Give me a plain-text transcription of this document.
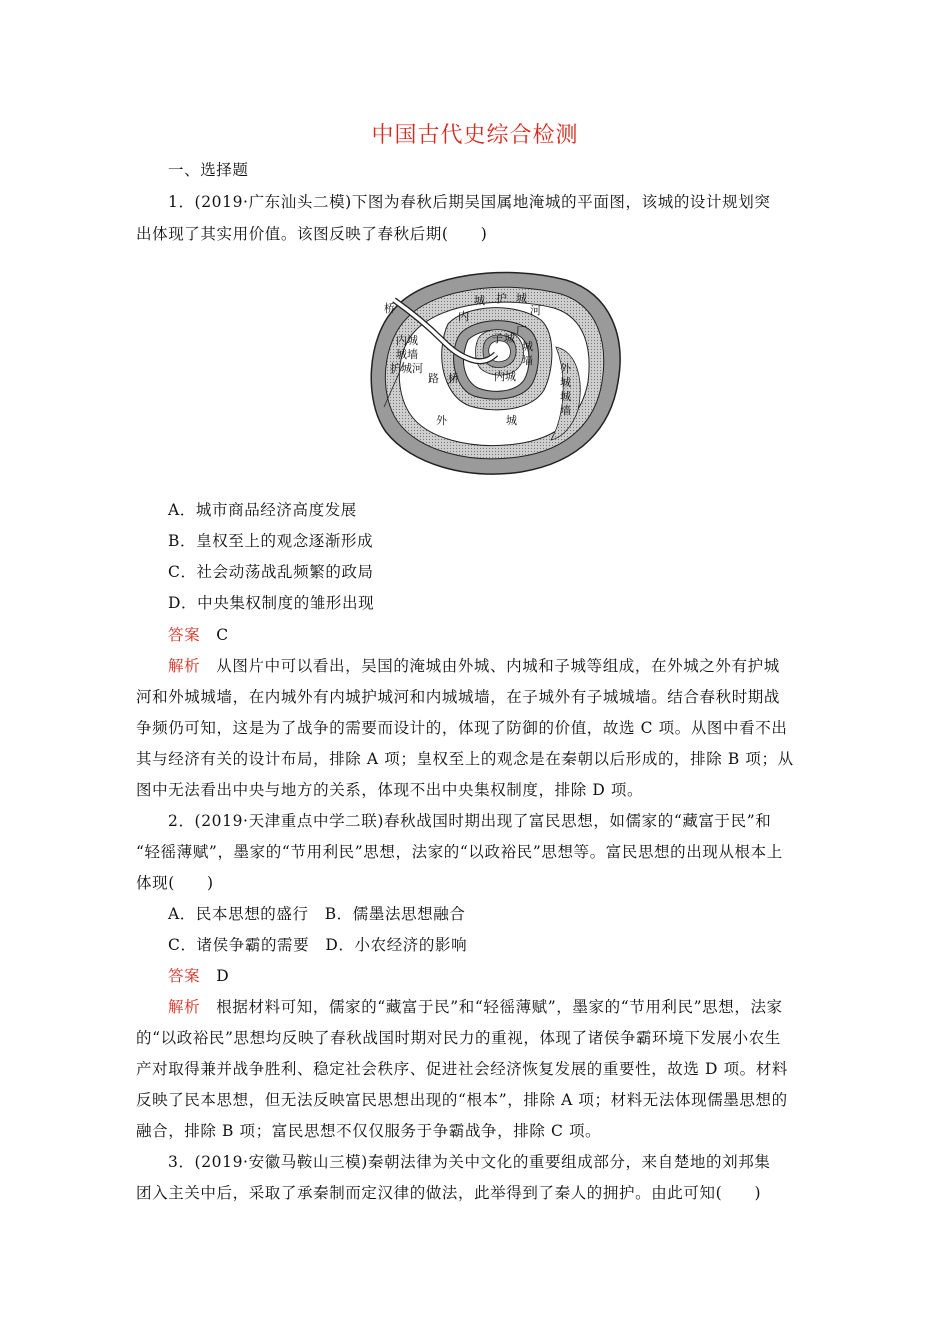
中国古代史综合检测
一、选择题
1．(2019·广东汕头二模)下图为春秋后期吴国属地淹城的平面图，该城的设计规划突
出体现了其实用价值。该图反映了春秋后期(　　)
桥
城 护 城
河
内
广
子 城
城
墙
内城
城墙
护城河
路 桥	内城
外
城
城
墙
外	城
A．城市商品经济高度发展
B．皇权至上的观念逐渐形成
C．社会动荡战乱频繁的政局
D．中央集权制度的雏形出现
答案　C
解析　从图片中可以看出，吴国的淹城由外城、内城和子城等组成，在外城之外有护城
河和外城城墙，在内城外有内城护城河和内城城墙，在子城外有子城城墙。结合春秋时期战
争频仍可知，这是为了战争的需要而设计的，体现了防御的价值，故选 C 项。从图中看不出
其与经济有关的设计布局，排除 A 项；皇权至上的观念是在秦朝以后形成的，排除 B 项；从
图中无法看出中央与地方的关系，体现不出中央集权制度，排除 D 项。
2．(2019·天津重点中学二联)春秋战国时期出现了富民思想，如儒家的“藏富于民”和
“轻徭薄赋”，墨家的“节用利民”思想，法家的“以政裕民”思想等。富民思想的出现从根本上
体现(　　)
A．民本思想的盛行　B．儒墨法思想融合
C．诸侯争霸的需要　D．小农经济的影响
答案　D
解析　根据材料可知，儒家的“藏富于民”和“轻徭薄赋”，墨家的“节用利民”思想，法家
的“以政裕民”思想均反映了春秋战国时期对民力的重视，体现了诸侯争霸环境下发展小农生
产对取得兼并战争胜利、稳定社会秩序、促进社会经济恢复发展的重要性，故选 D 项。材料
反映了民本思想，但无法反映富民思想出现的“根本”，排除 A 项；材料无法体现儒墨思想的
融合，排除 B 项；富民思想不仅仅服务于争霸战争，排除 C 项。
3．(2019·安徽马鞍山三模)秦朝法律为关中文化的重要组成部分，来自楚地的刘邦集
团入主关中后，采取了承秦制而定汉律的做法，此举得到了秦人的拥护。由此可知(　　)
